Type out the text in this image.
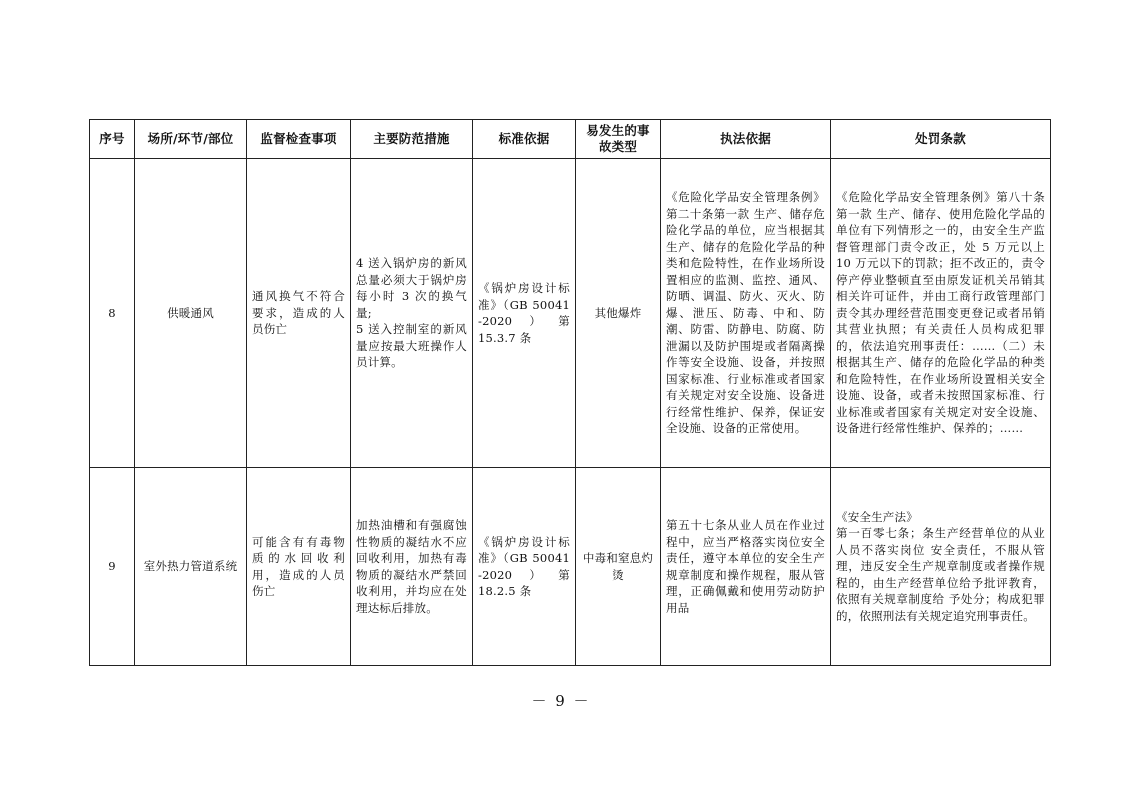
序号	场所/环节/部位	监督检查事项	主要防范措施	标准依据	易发生的事故类型	执法依据	处罚条款
8	供暖通风	通风换气不符合要求，造成的人员伤亡	4 送入锅炉房的新风总量必须大于锅炉房每小时 3 次的换气量;
5 送入控制室的新风量应按最大班操作人员计算。	《锅炉房设计标准》（GB 50041 -2020）第 15.3.7 条	其他爆炸	《危险化学品安全管理条例》第二十条第一款 生产、储存危险化学品的单位，应当根据其生产、储存的危险化学品的种类和危险特性，在作业场所设置相应的监测、监控、通风、防晒、调温、防火、灭火、防爆、泄压、防毒、中和、防潮、防雷、防静电、防腐、防泄漏以及防护围堤或者隔离操作等安全设施、设备，并按照国家标准、行业标准或者国家有关规定对安全设施、设备进行经常性维护、保养，保证安全设施、设备的正常使用。	《危险化学品安全管理条例》第八十条第一款 生产、储存、使用危险化学品的单位有下列情形之一的，由安全生产监督管理部门责令改正，处 5 万元以上 10 万元以下的罚款；拒不改正的，责令停产停业整顿直至由原发证机关吊销其相关许可证件，并由工商行政管理部门责令其办理经营范围变更登记或者吊销其营业执照；有关责任人员构成犯罪的，依法追究刑事责任：……（二）未根据其生产、储存的危险化学品的种类和危险特性，在作业场所设置相关安全设施、设备，或者未按照国家标准、行业标准或者国家有关规定对安全设施、设备进行经常性维护、保养的；……
9	室外热力管道系统	可能含有有毒物质的水回收利用，造成的人员伤亡	加热油槽和有强腐蚀性物质的凝结水不应回收利用，加热有毒物质的凝结水严禁回收利用，并均应在处理达标后排放。	《锅炉房设计标准》（GB 50041 -2020）第 18.2.5 条	中毒和窒息灼烫	第五十七条从业人员在作业过程中，应当严格落实岗位安全责任，遵守本单位的安全生产规章制度和操作规程，服从管理，正确佩戴和使用劳动防护用品	《安全生产法》
第一百零七条；条生产经营单位的从业人员不落实岗位 安全责任，不服从管理，违反安全生产规章制度或者操作规 程的，由生产经营单位给予批评教育，依照有关规章制度给 予处分；构成犯罪的，依照刑法有关规定追究刑事责任。
－ 9 －
